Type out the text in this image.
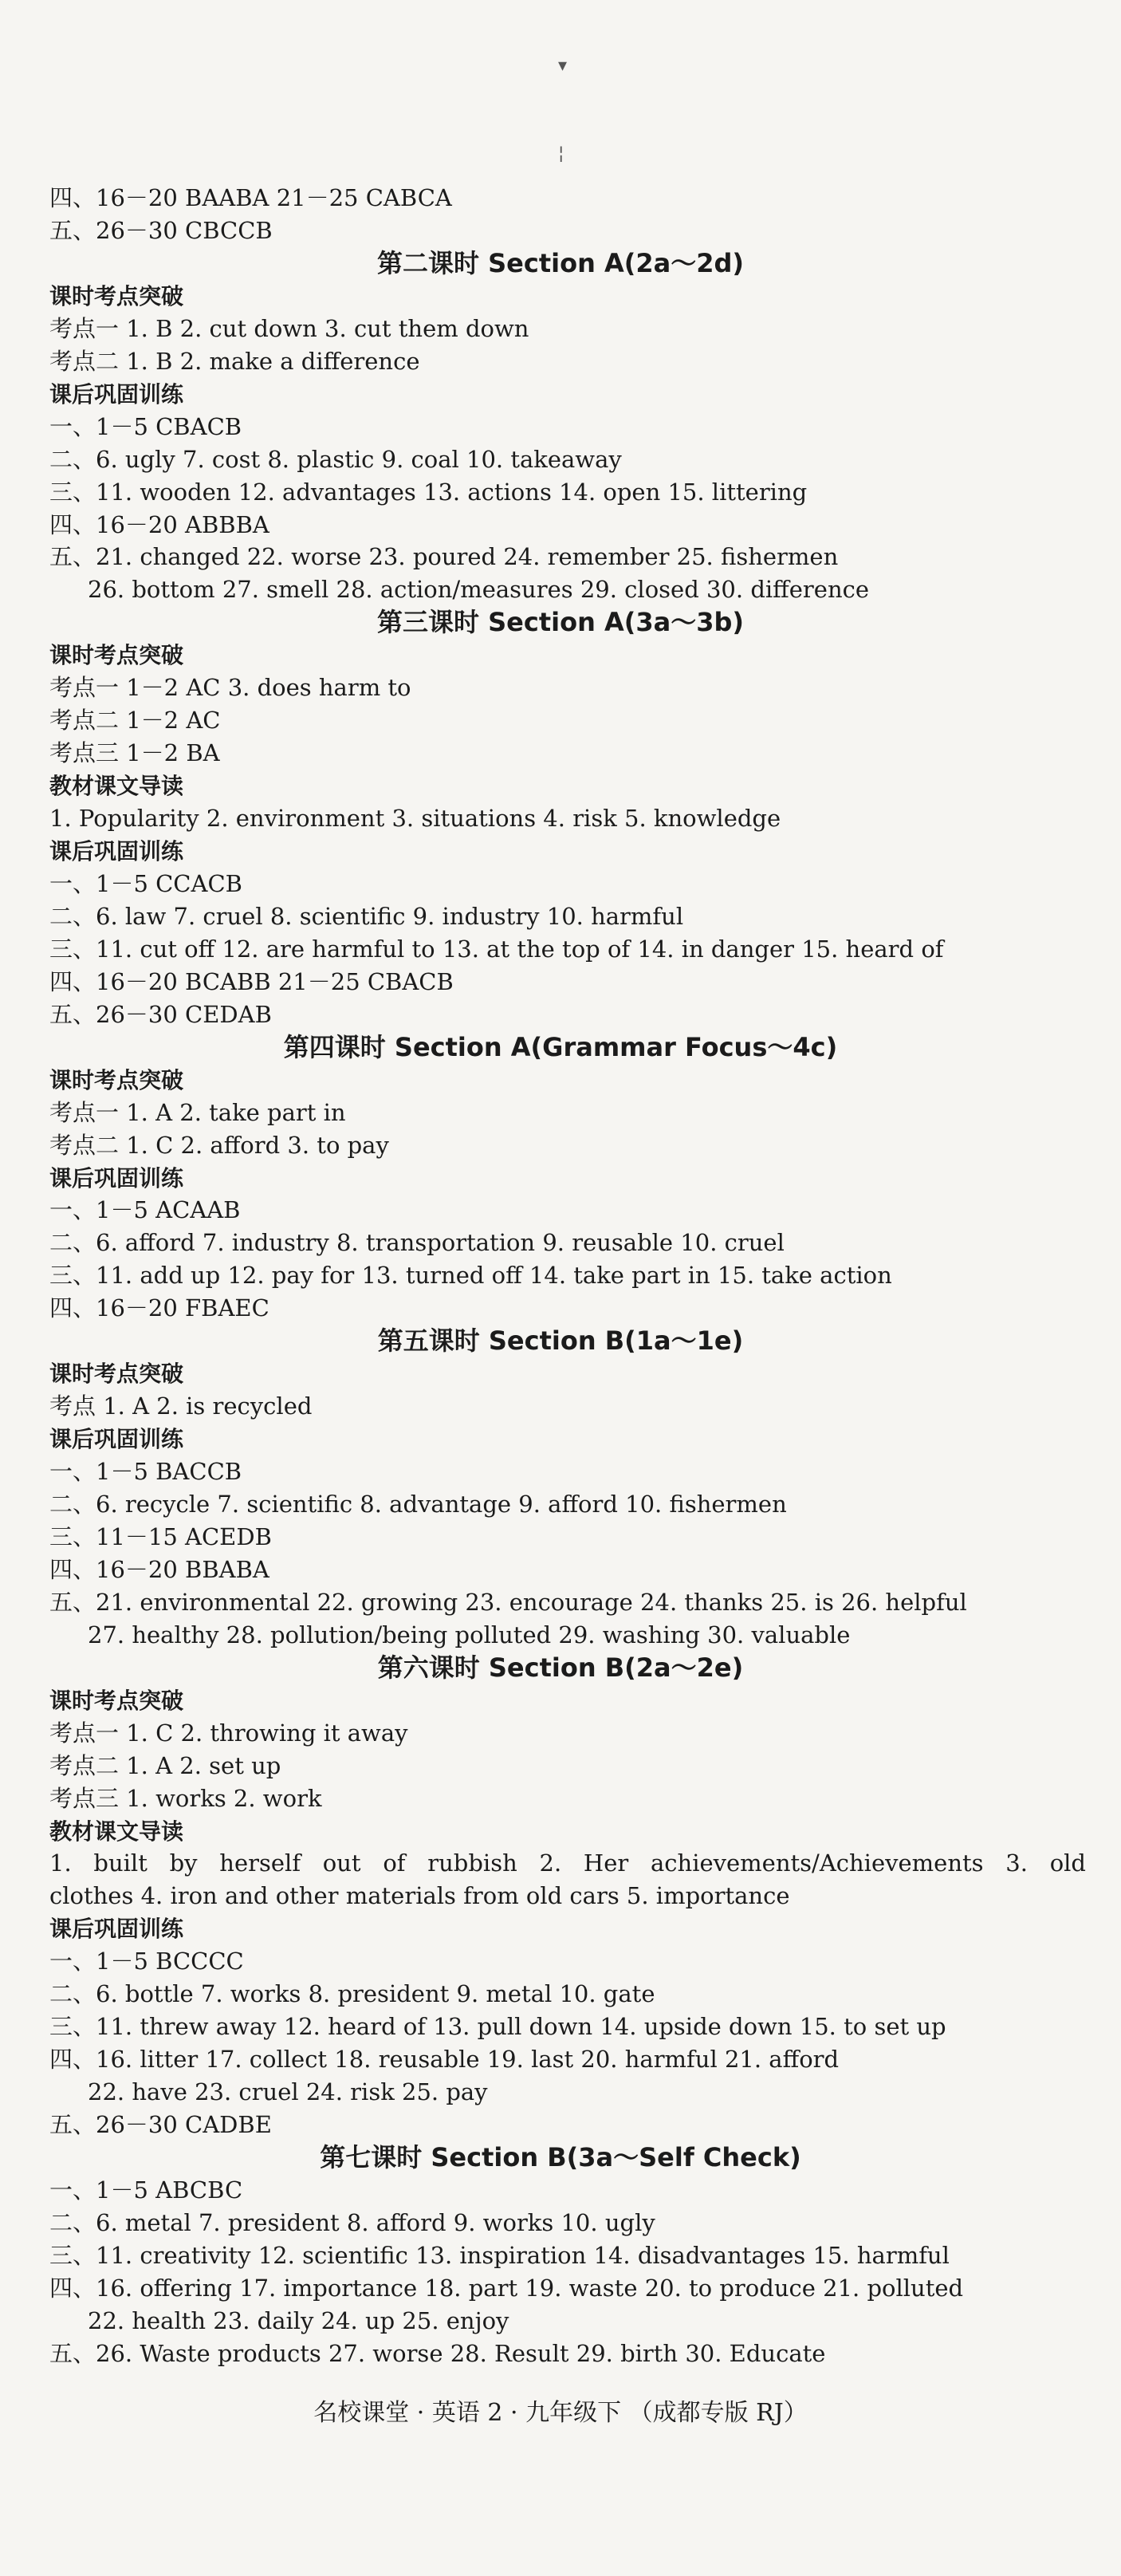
▾
¦
四、16－20 BAABA 21－25 CABCA
五、26－30 CBCCB
第二课时 Section A(2a～2d)
课时考点突破
考点一 1. B 2. cut down 3. cut them down
考点二 1. B 2. make a difference
课后巩固训练
一、1－5 CBACB
二、6. ugly 7. cost 8. plastic 9. coal 10. takeaway
三、11. wooden 12. advantages 13. actions 14. open 15. littering
四、16－20 ABBBA
五、21. changed 22. worse 23. poured 24. remember 25. fishermen
26. bottom 27. smell 28. action/measures 29. closed 30. difference
第三课时 Section A(3a～3b)
课时考点突破
考点一 1－2 AC 3. does harm to
考点二 1－2 AC
考点三 1－2 BA
教材课文导读
1. Popularity 2. environment 3. situations 4. risk 5. knowledge
课后巩固训练
一、1－5 CCACB
二、6. law 7. cruel 8. scientific 9. industry 10. harmful
三、11. cut off 12. are harmful to 13. at the top of 14. in danger 15. heard of
四、16－20 BCABB 21－25 CBACB
五、26－30 CEDAB
第四课时 Section A(Grammar Focus～4c)
课时考点突破
考点一 1. A 2. take part in
考点二 1. C 2. afford 3. to pay
课后巩固训练
一、1－5 ACAAB
二、6. afford 7. industry 8. transportation 9. reusable 10. cruel
三、11. add up 12. pay for 13. turned off 14. take part in 15. take action
四、16－20 FBAEC
第五课时 Section B(1a～1e)
课时考点突破
考点 1. A 2. is recycled
课后巩固训练
一、1－5 BACCB
二、6. recycle 7. scientific 8. advantage 9. afford 10. fishermen
三、11－15 ACEDB
四、16－20 BBABA
五、21. environmental 22. growing 23. encourage 24. thanks 25. is 26. helpful
27. healthy 28. pollution/being polluted 29. washing 30. valuable
第六课时 Section B(2a～2e)
课时考点突破
考点一 1. C 2. throwing it away
考点二 1. A 2. set up
考点三 1. works 2. work
教材课文导读
1. built by herself out of rubbish 2. Her achievements/Achievements 3. old
clothes 4. iron and other materials from old cars 5. importance
课后巩固训练
一、1－5 BCCCC
二、6. bottle 7. works 8. president 9. metal 10. gate
三、11. threw away 12. heard of 13. pull down 14. upside down 15. to set up
四、16. litter 17. collect 18. reusable 19. last 20. harmful 21. afford
22. have 23. cruel 24. risk 25. pay
五、26－30 CADBE
第七课时 Section B(3a～Self Check)
一、1－5 ABCBC
二、6. metal 7. president 8. afford 9. works 10. ugly
三、11. creativity 12. scientific 13. inspiration 14. disadvantages 15. harmful
四、16. offering 17. importance 18. part 19. waste 20. to produce 21. polluted
22. health 23. daily 24. up 25. enjoy
五、26. Waste products 27. worse 28. Result 29. birth 30. Educate
名校课堂 · 英语 2 · 九年级下 （成都专版 RJ）
